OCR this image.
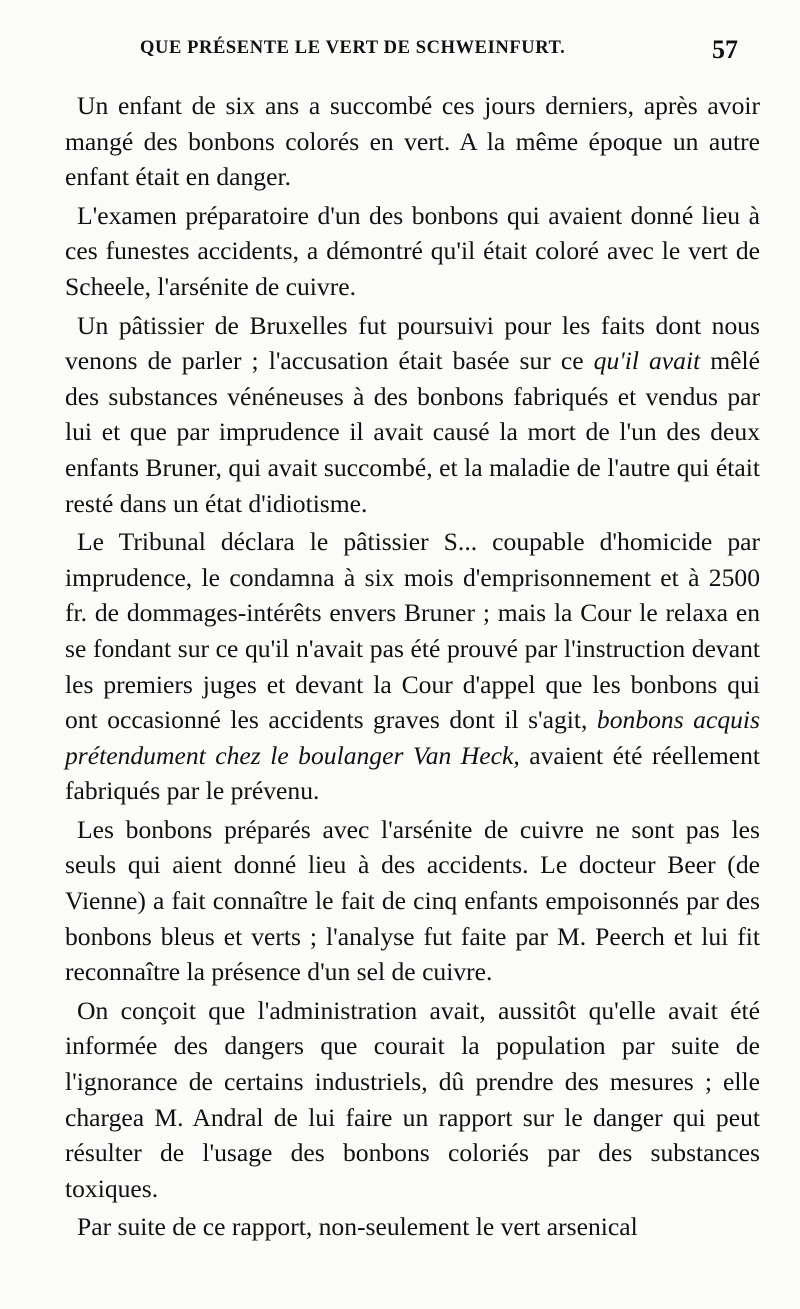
QUE PRÉSENTE LE VERT DE SCHWEINFURT.	57

Un enfant de six ans a succombé ces jours derniers, après avoir mangé des bonbons colorés en vert. A la même époque un autre enfant était en danger.

L'examen préparatoire d'un des bonbons qui avaient donné lieu à ces funestes accidents, a démontré qu'il était coloré avec le vert de Scheele, l'arsénite de cuivre.

Un pâtissier de Bruxelles fut poursuivi pour les faits dont nous venons de parler ; l'accusation était basée sur ce qu'il avait mêlé des substances vénéneuses à des bonbons fabriqués et vendus par lui et que par imprudence il avait causé la mort de l'un des deux enfants Bruner, qui avait succombé, et la maladie de l'autre qui était resté dans un état d'idiotisme.

Le Tribunal déclara le pâtissier S... coupable d'homicide par imprudence, le condamna à six mois d'emprisonnement et à 2500 fr. de dommages-intérêts envers Bruner ; mais la Cour le relaxa en se fondant sur ce qu'il n'avait pas été prouvé par l'instruction devant les premiers juges et devant la Cour d'appel que les bonbons qui ont occasionné les accidents graves dont il s'agit, bonbons acquis prétendument chez le boulanger Van Heck, avaient été réellement fabriqués par le prévenu.

Les bonbons préparés avec l'arsénite de cuivre ne sont pas les seuls qui aient donné lieu à des accidents. Le docteur Beer (de Vienne) a fait connaître le fait de cinq enfants empoisonnés par des bonbons bleus et verts ; l'analyse fut faite par M. Peerch et lui fit reconnaître la présence d'un sel de cuivre.

On conçoit que l'administration avait, aussitôt qu'elle avait été informée des dangers que courait la population par suite de l'ignorance de certains industriels, dû prendre des mesures ; elle chargea M. Andral de lui faire un rapport sur le danger qui peut résulter de l'usage des bonbons coloriés par des substances toxiques.

Par suite de ce rapport, non-seulement le vert arsenical
